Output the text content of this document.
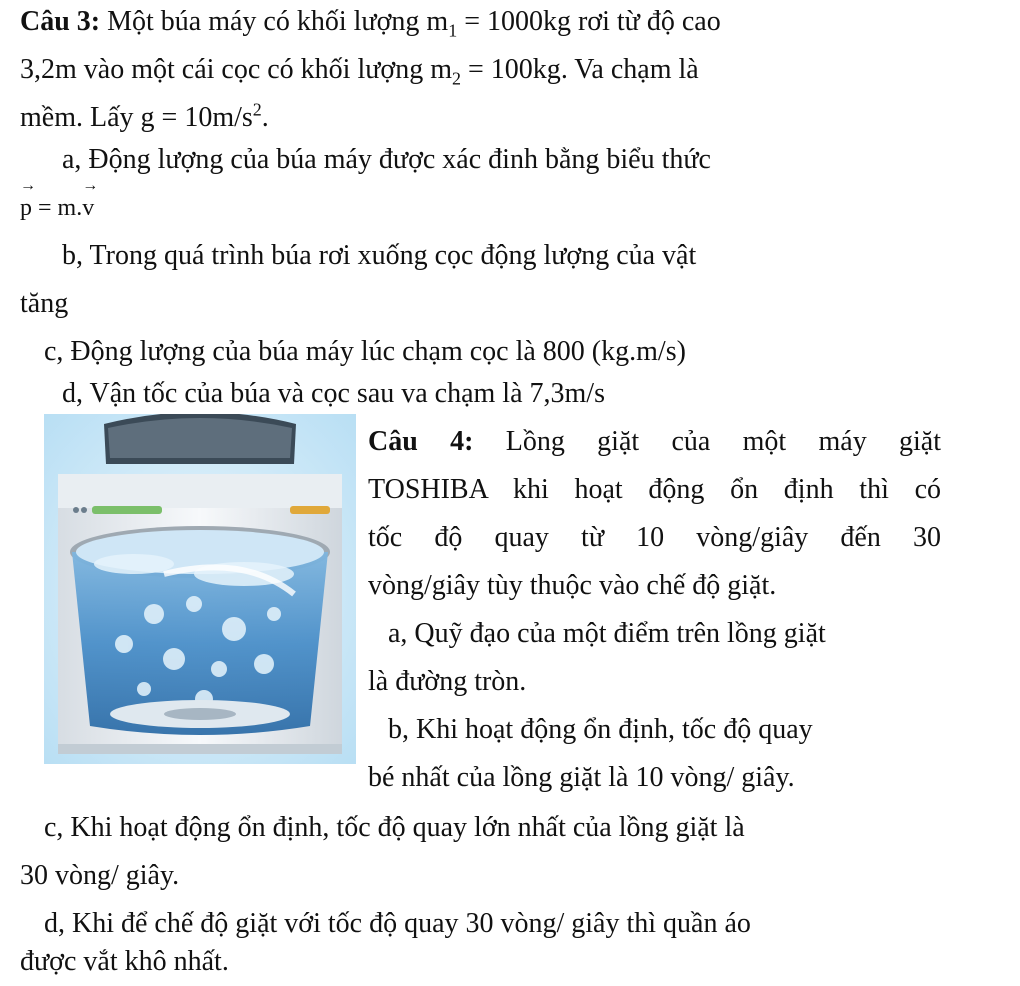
Câu 3: Một búa máy có khối lượng $m_1 = 1000kg$ rơi từ độ cao
3,2m vào một cái cọc có khối lượng $m_2 = 100kg$. Va chạm là
mềm. Lấy $g = 10m/s^2$.
a, Động lượng của búa máy được xác đinh bằng biểu thức
→ p = m.→ v
b, Trong quá trình búa rơi xuống cọc động lượng của vật
tăng
c, Động lượng của búa máy lúc chạm cọc là 800 (kg.m/s)
d, Vận tốc của búa và cọc sau va chạm là 7,3m/s
Câu 4: Lồng giặt của một máy giặt
TOSHIBA khi hoạt động ổn định thì có
tốc độ quay từ 10 vòng/giây đến 30
vòng/giây tùy thuộc vào chế độ giặt.
a, Quỹ đạo của một điểm trên lồng giặt
là đường tròn.
b, Khi hoạt động ổn định, tốc độ quay
bé nhất của lồng giặt là 10 vòng/ giây.
c, Khi hoạt động ổn định, tốc độ quay lớn nhất của lồng giặt là
30 vòng/ giây.
d, Khi để chế độ giặt với tốc độ quay 30 vòng/ giây thì quần áo
được vắt khô nhất.
